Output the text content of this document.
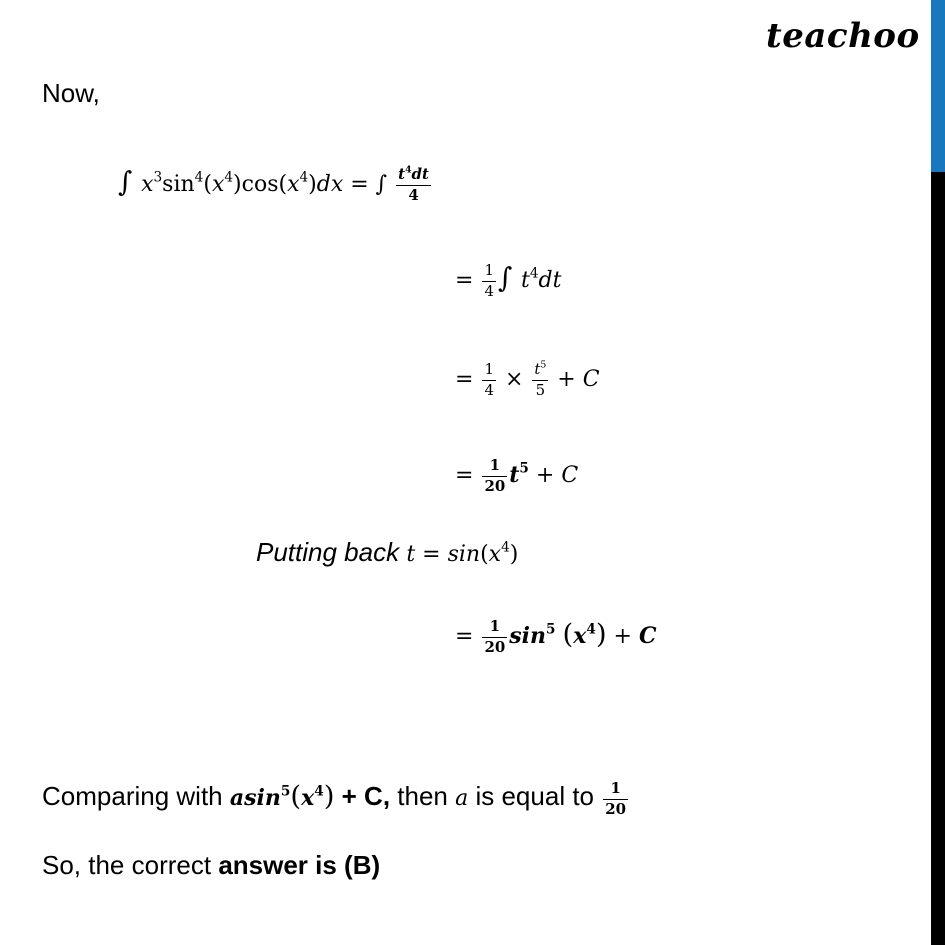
teachoo
Now,
∫ $x^3\sin^4(x^4)\cos(x^4)dx$ = ∫ $\frac{t^4dt}{4}$
= $\frac{1}{4}$ ∫ $t^4dt$
= $\frac{1}{4} \times \frac{t^5}{5} + C$
= $\frac{1}{20} t^5 + C$
Putting back $t = \sin(x^4)$
= $\frac{1}{20} \sin^5 (x^4) + C$
Comparing with $asin^5(x^4) + C$, then a is equal to $\frac{1}{20}$
So, the correct answer is (B)
